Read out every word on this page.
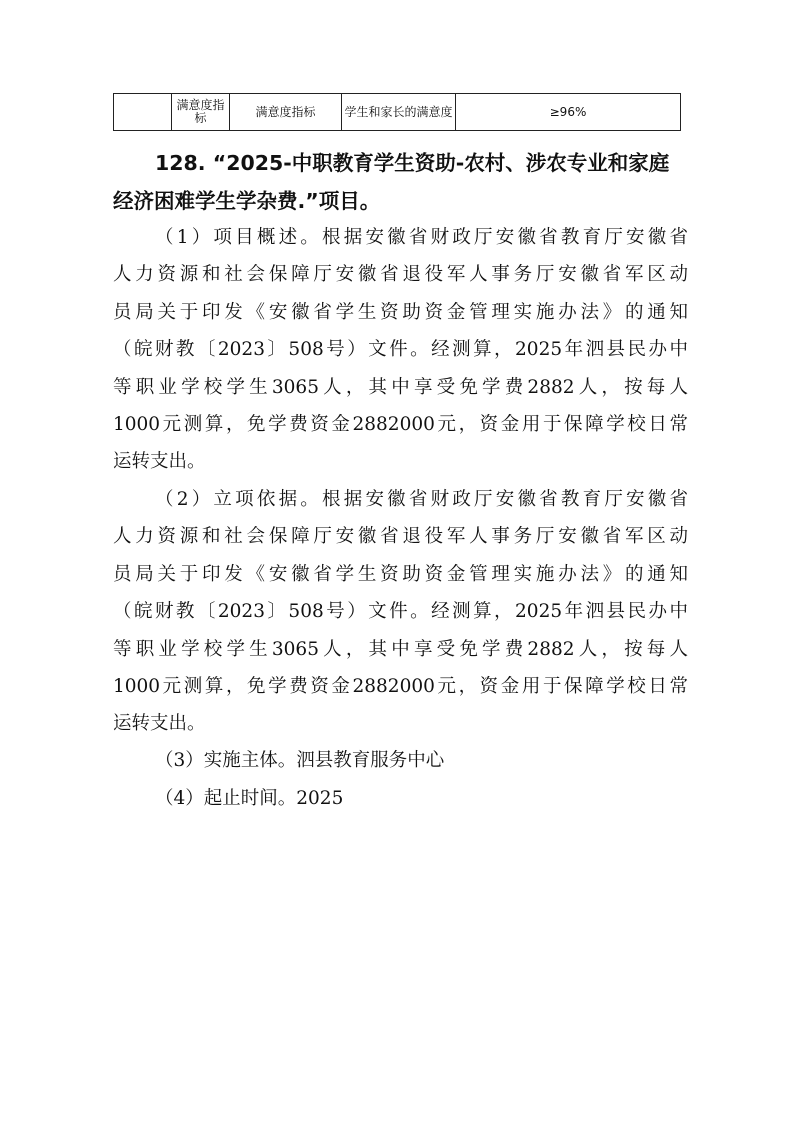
	满意度指标	满意度指标	学生和家长的满意度	≥96%
128. “2025-中职教育学生资助-农村、涉农专业和家庭
经济困难学生学杂费.”项目。

（1）项目概述。根据安徽省财政厅安徽省教育厅安徽省
人力资源和社会保障厅安徽省退役军人事务厅安徽省军区动
员局关于印发《安徽省学生资助资金管理实施办法》的通知
（皖财教〔2023〕508号）文件。经测算，2025年泗县民办中
等职业学校学生3065人，其中享受免学费2882人，按每人
1000元测算，免学费资金2882000元，资金用于保障学校日常
运转支出。

（2）立项依据。根据安徽省财政厅安徽省教育厅安徽省
人力资源和社会保障厅安徽省退役军人事务厅安徽省军区动
员局关于印发《安徽省学生资助资金管理实施办法》的通知
（皖财教〔2023〕508号）文件。经测算，2025年泗县民办中
等职业学校学生3065人，其中享受免学费2882人，按每人
1000元测算，免学费资金2882000元，资金用于保障学校日常
运转支出。

（3）实施主体。泗县教育服务中心

（4）起止时间。2025
